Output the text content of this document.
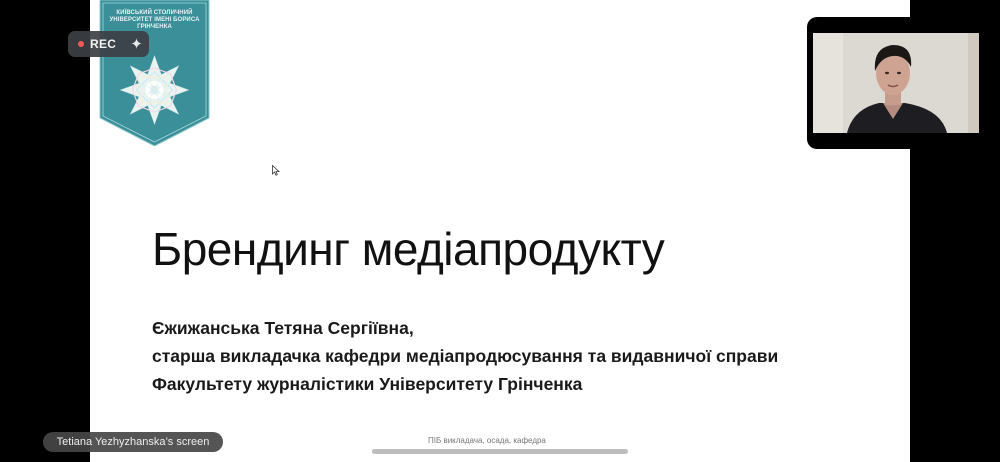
КИЇВСЬКИЙ СТОЛИЧНИЙ УНІВЕРСИТЕТ ІМЕНІ БОРИСА ГРІНЧЕНКА
Брендинг медіапродукту
Єжижанська Тетяна Сергіївна,
старша викладачка кафедри медіапродюсування та видавничої справи
Факультету журналістики Університету Грінченка
ПІБ викладача, осада, кафедра
REC ✦
Tetiana Yezhyzhanska’s screen
